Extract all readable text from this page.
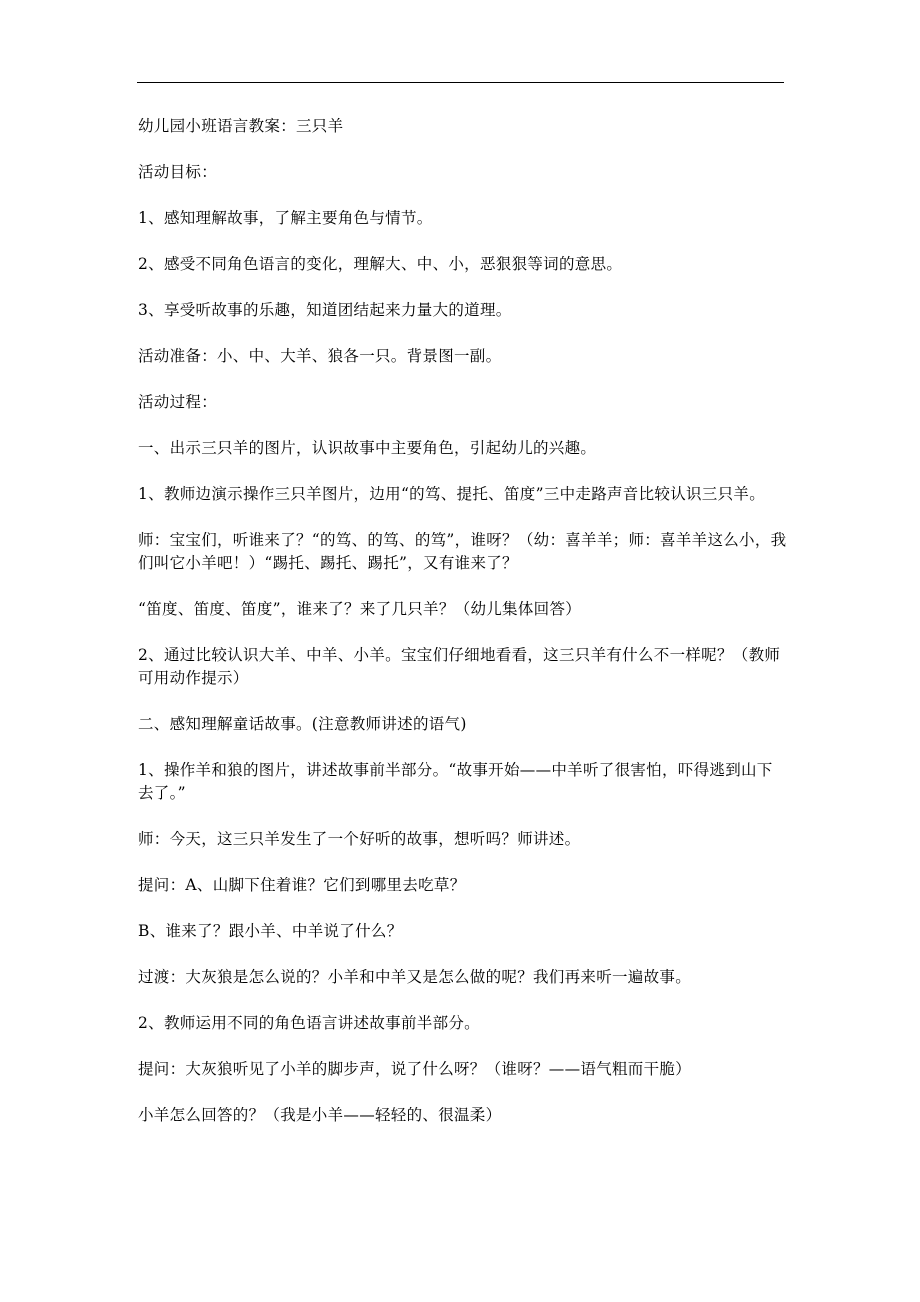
幼儿园小班语言教案：三只羊

活动目标：

1、感知理解故事，了解主要角色与情节。

2、感受不同角色语言的变化，理解大、中、小，恶狠狠等词的意思。

3、享受听故事的乐趣，知道团结起来力量大的道理。

活动准备：小、中、大羊、狼各一只。背景图一副。

活动过程：

一、出示三只羊的图片，认识故事中主要角色，引起幼儿的兴趣。

1、教师边演示操作三只羊图片，边用“的笃、提托、笛度”三中走路声音比较认识三只羊。

师：宝宝们，听谁来了？“的笃、的笃、的笃”，谁呀？（幼：喜羊羊；师：喜羊羊这么小，我们叫它小羊吧！）“踢托、踢托、踢托”，又有谁来了？

“笛度、笛度、笛度”，谁来了？来了几只羊？（幼儿集体回答）

2、通过比较认识大羊、中羊、小羊。宝宝们仔细地看看，这三只羊有什么不一样呢？（教师可用动作提示）

二、感知理解童话故事。(注意教师讲述的语气)

1、操作羊和狼的图片，讲述故事前半部分。“故事开始——中羊听了很害怕，吓得逃到山下去了。”

师：今天，这三只羊发生了一个好听的故事，想听吗？师讲述。

提问：A、山脚下住着谁？它们到哪里去吃草？

B、谁来了？跟小羊、中羊说了什么？

过渡：大灰狼是怎么说的？小羊和中羊又是怎么做的呢？我们再来听一遍故事。

2、教师运用不同的角色语言讲述故事前半部分。

提问：大灰狼听见了小羊的脚步声，说了什么呀？（谁呀？——语气粗而干脆）

小羊怎么回答的？（我是小羊——轻轻的、很温柔）
